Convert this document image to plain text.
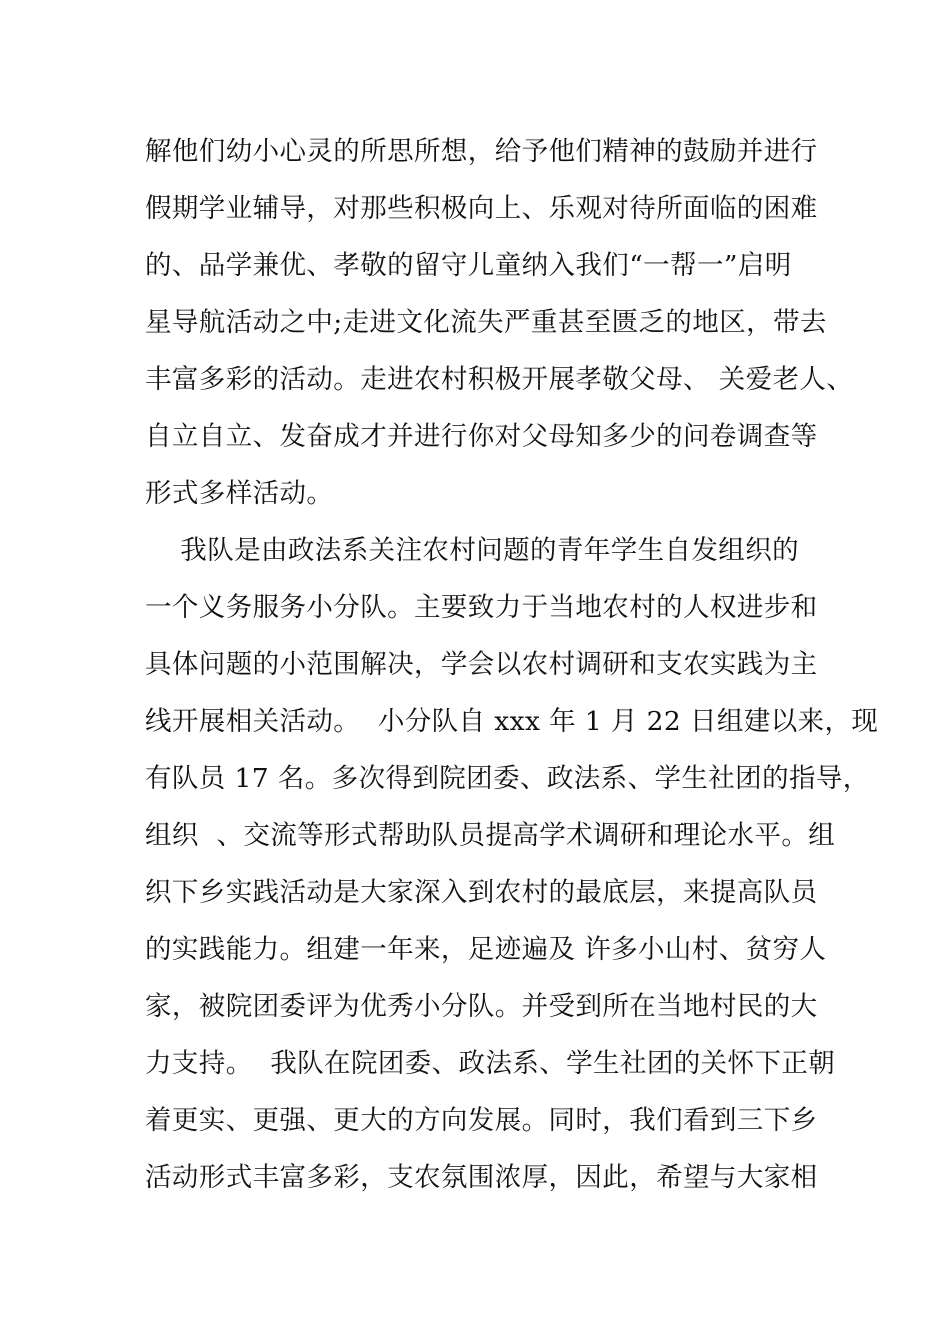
解他们幼小心灵的所思所想，给予他们精神的鼓励并进行
假期学业辅导，对那些积极向上、乐观对待所面临的困难
的、品学兼优、孝敬的留守儿童纳入我们“一帮一”启明
星导航活动之中;走进文化流失严重甚至匮乏的地区，带去
丰富多彩的活动。走进农村积极开展孝敬父母、 关爱老人、
自立自立、发奋成才并进行你对父母知多少的问卷调查等
形式多样活动。
我队是由政法系关注农村问题的青年学生自发组织的
一个义务服务小分队。主要致力于当地农村的人权进步和
具体问题的小范围解决，学会以农村调研和支农实践为主
线开展相关活动。  小分队自 xxx 年 1 月 22 日组建以来，现
有队员 17 名。多次得到院团委、政法系、学生社团的指导，
组织  、交流等形式帮助队员提高学术调研和理论水平。组
织下乡实践活动是大家深入到农村的最底层，来提高队员
的实践能力。组建一年来，足迹遍及 许多小山村、贫穷人
家，被院团委评为优秀小分队。并受到所在当地村民的大
力支持。  我队在院团委、政法系、学生社团的关怀下正朝
着更实、更强、更大的方向发展。同时，我们看到三下乡
活动形式丰富多彩，支农氛围浓厚，因此，希望与大家相
